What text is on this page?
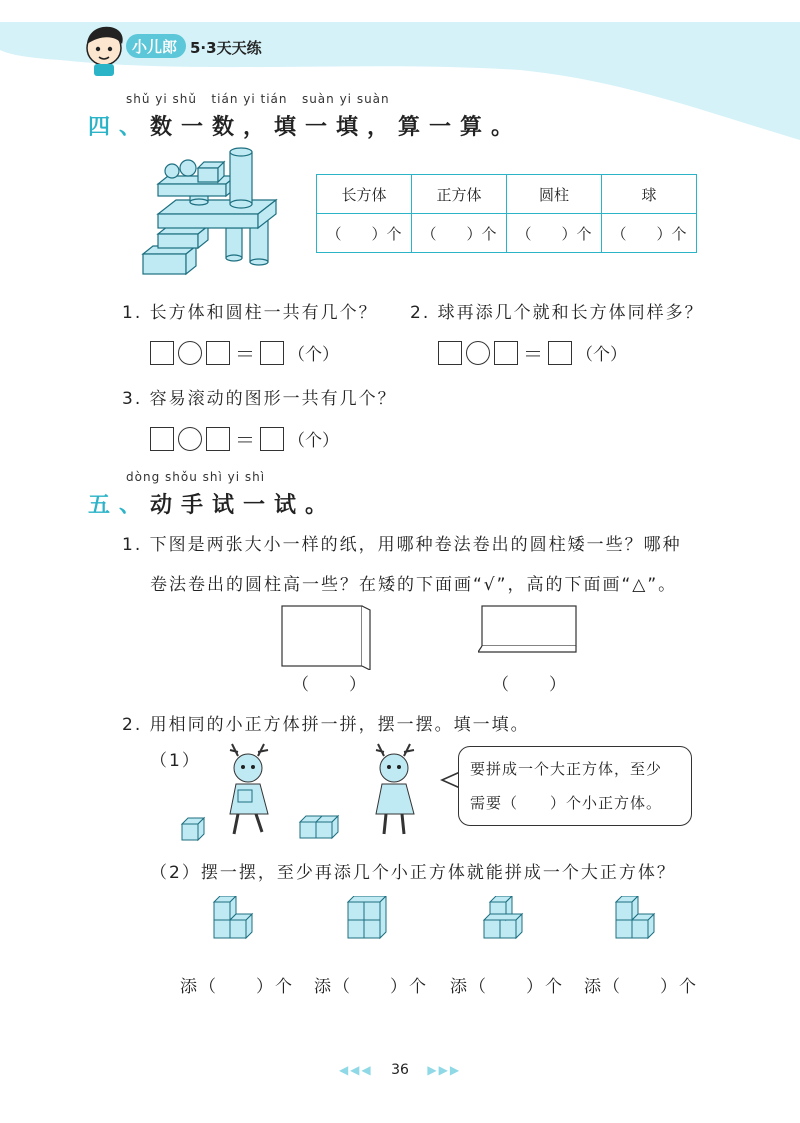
小儿郎 5·3天天练
shǔ yi shǔ   tián yi tián   suàn yi suàn
四、数一数，填一填，算一算。
长方体	正方体	圆柱	球
（　　）个	（　　）个	（　　）个	（　　）个
1. 长方体和圆柱一共有几个？ 2. 球再添几个就和长方体同样多？
＝ （个）	＝ （个）
3. 容易滚动的图形一共有几个？
＝ （个）
dòng shǒu shì yi shì
五、动手试一试。
1. 下图是两张大小一样的纸，用哪种卷法卷出的圆柱矮一些？哪种
卷法卷出的圆柱高一些？在矮的下面画“√”，高的下面画“△”。
（　　）	（　　）
2. 用相同的小正方体拼一拼，摆一摆。填一填。
（1）	要拼成一个大正方体，至少
需要（　　）个小正方体。
（2）摆一摆，至少再添几个小正方体就能拼成一个大正方体？
添（　　）个 添（　　）个 添（　　）个 添（　　）个
◀◀◀ 36 ▶▶▶
